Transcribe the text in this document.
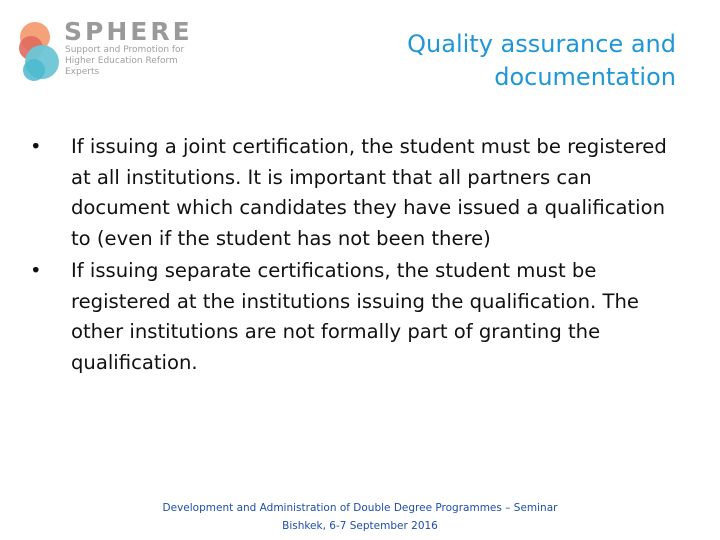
SPHERE
Support and Promotion for Higher Education Reform Experts
Quality assurance and documentation
•	If issuing a joint certification, the student must be registered at all institutions. It is important that all partners can document which candidates they have issued a qualification to (even if the student has not been there)
•	If issuing separate certifications, the student must be registered at the institutions issuing the qualification. The other institutions are not formally part of granting the qualification.
Development and Administration of Double Degree Programmes – Seminar
Bishkek, 6-7 September 2016
